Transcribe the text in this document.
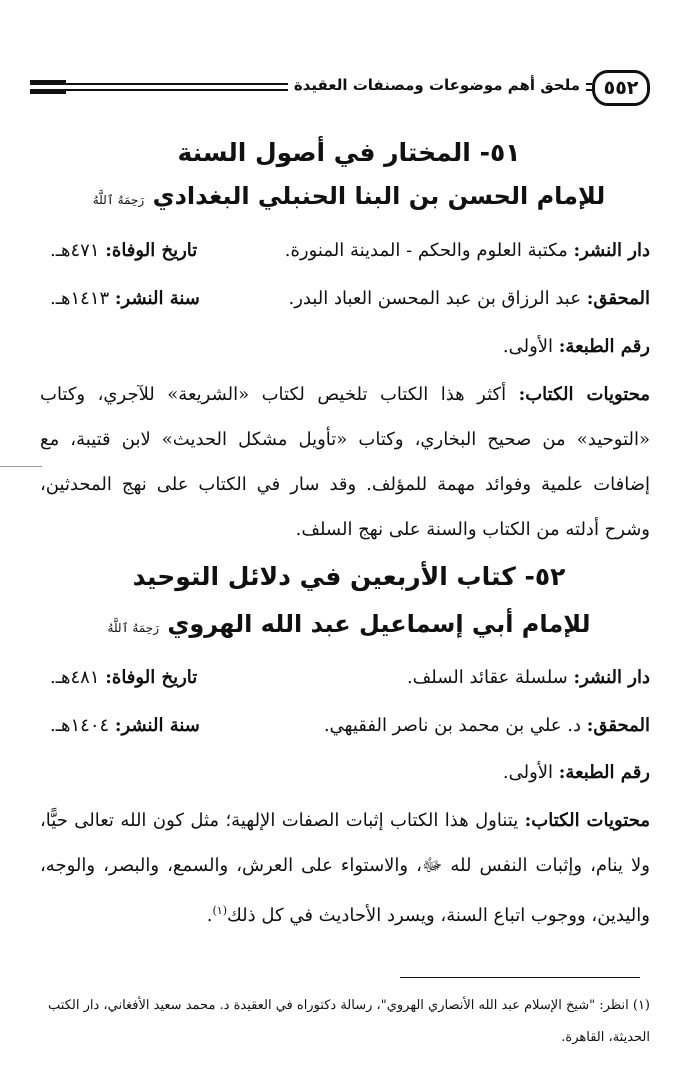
ملحق أهم موضوعات ومصنفات العقيدة	٥٥٢
٥١- المختار في أصول السنة
للإمام الحسن بن البنا الحنبلي البغدادي رَحِمَهُ ٱللَّهُ
دار النشر: مكتبة العلوم والحكم - المدينة المنورة.
تاريخ الوفاة: ٤٧١هـ.
المحقق: عبد الرزاق بن عبد المحسن العباد البدر.
سنة النشر: ١٤١٣هـ.
رقم الطبعة: الأولى.
محتويات الكتاب: أكثر هذا الكتاب تلخيص لكتاب «الشريعة» للآجري، وكتاب «التوحيد» من صحيح البخاري، وكتاب «تأويل مشكل الحديث» لابن قتيبة، مع إضافات علمية وفوائد مهمة للمؤلف. وقد سار في الكتاب على نهج المحدثين، وشرح أدلته من الكتاب والسنة على نهج السلف.
٥٢- كتاب الأربعين في دلائل التوحيد
للإمام أبي إسماعيل عبد الله الهروي رَحِمَهُ ٱللَّهُ
دار النشر: سلسلة عقائد السلف.
تاريخ الوفاة: ٤٨١هـ.
المحقق: د. علي بن محمد بن ناصر الفقيهي.
سنة النشر: ١٤٠٤هـ.
رقم الطبعة: الأولى.
محتويات الكتاب: يتناول هذا الكتاب إثبات الصفات الإلهية؛ مثل كون الله تعالى حيًّا، ولا ينام، وإثبات النفس لله ﷻ، والاستواء على العرش، والسمع، والبصر، والوجه، واليدين، ووجوب اتباع السنة، ويسرد الأحاديث في كل ذلك$^{(١)}$.
(١) انظر: "شيخ الإسلام عبد الله الأنصاري الهروي"، رسالة دكتوراه في العقيدة د. محمد سعيد الأفغاني، دار الكتب الحديثة، القاهرة.
